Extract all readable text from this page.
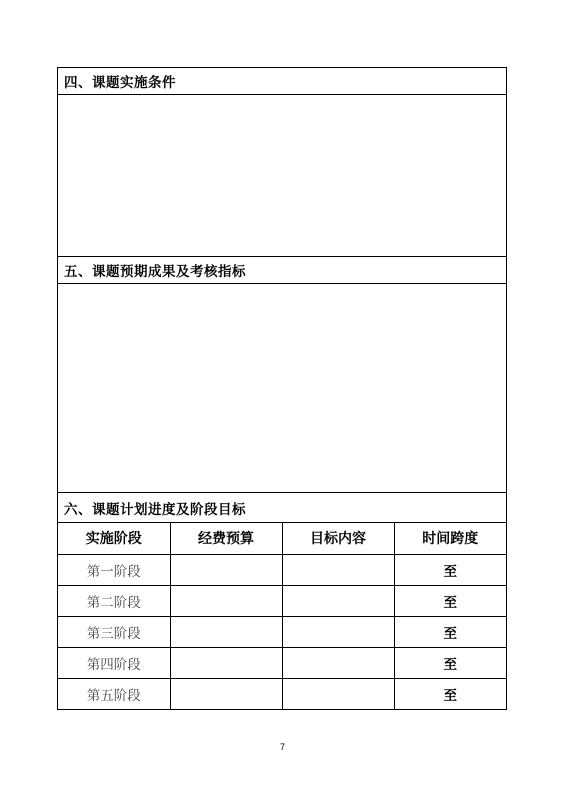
四、课题实施条件
五、课题预期成果及考核指标
六、课题计划进度及阶段目标
实施阶段	经费预算	目标内容	时间跨度
第一阶段			至
第二阶段			至
第三阶段			至
第四阶段			至
第五阶段			至
7
